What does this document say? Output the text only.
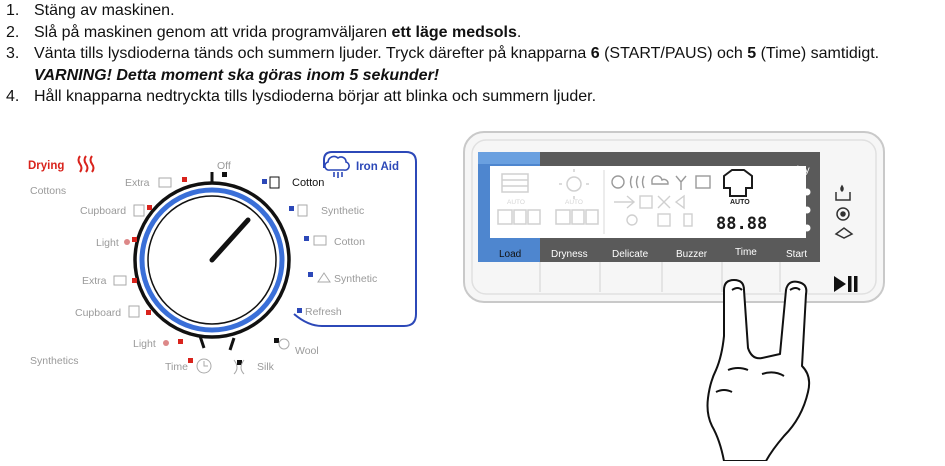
1. Stäng av maskinen.
2. Slå på maskinen genom att vrida programväljaren ett läge medsols.
3. Vänta tills lysdioderna tänds och summern ljuder. Tryck därefter på knapparna 6 (START/PAUS) och 5 (Time) samtidigt. VARNING! Detta moment ska göras inom 5 sekunder!
4. Håll knapparna nedtryckta tills lysdioderna börjar att blinka och summern ljuder.
Drying
Cottons
Synthetics
Iron Aid
Off
Extra
Cupboard
Light
Extra
Cupboard
Light
Cotton
Synthetic
Cotton
Synthetic
Refresh
Time	Silk
Wool
AUTO	AUTO	AUTO
88.88
Delay
Load	Dryness Delicate	Buzzer	Time	Start
